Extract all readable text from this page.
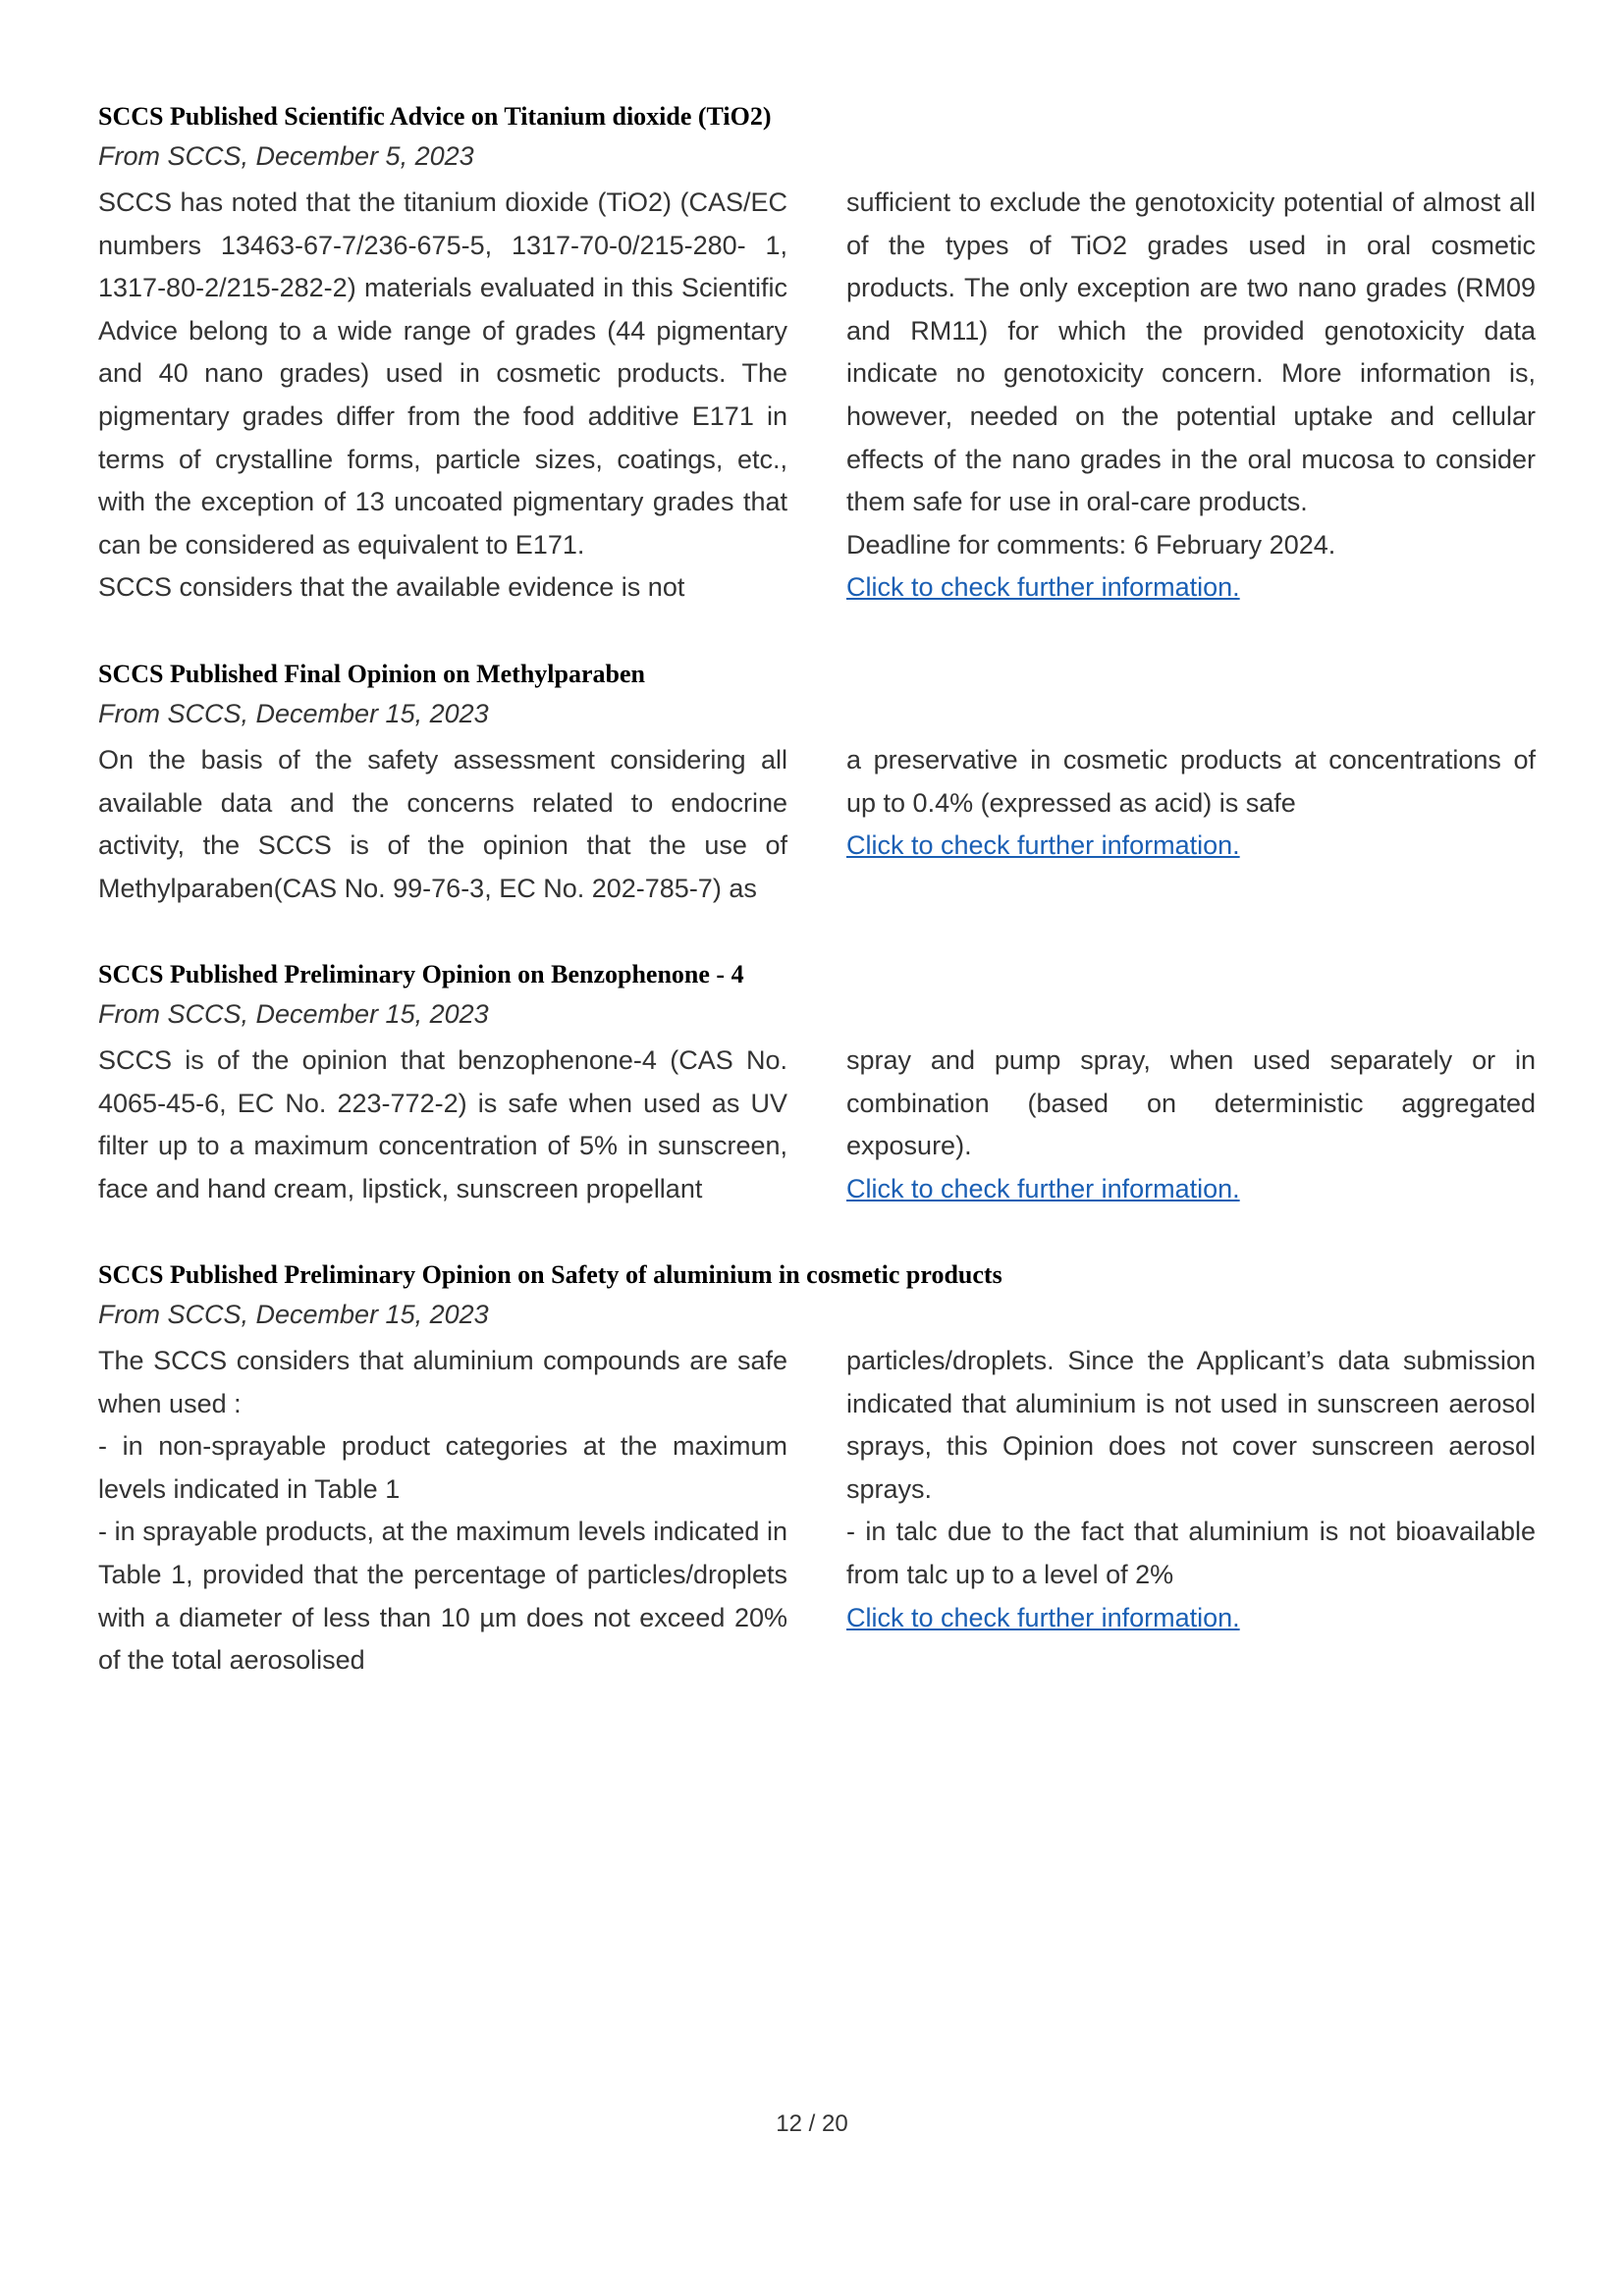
SCCS Published Scientific Advice on Titanium dioxide (TiO2)
From SCCS, December 5, 2023

SCCS has noted that the titanium dioxide (TiO2) (CAS/EC numbers 13463-67-7/236-675-5, 1317-70-0/215-280- 1, 1317-80-2/215-282-2) materials evaluated in this Scientific Advice belong to a wide range of grades (44 pigmentary and 40 nano grades) used in cosmetic products. The pigmentary grades differ from the food additive E171 in terms of crystalline forms, particle sizes, coatings, etc., with the exception of 13 uncoated pigmentary grades that can be considered as equivalent to E171.

SCCS considers that the available evidence is not

sufficient to exclude the genotoxicity potential of almost all of the types of TiO2 grades used in oral cosmetic products. The only exception are two nano grades (RM09 and RM11) for which the provided genotoxicity data indicate no genotoxicity concern. More information is, however, needed on the potential uptake and cellular effects of the nano grades in the oral mucosa to consider them safe for use in oral-care products.

Deadline for comments: 6 February 2024.

Click to check further information.

SCCS Published Final Opinion on Methylparaben
From SCCS, December 15, 2023

On the basis of the safety assessment considering all available data and the concerns related to endocrine activity, the SCCS is of the opinion that the use of Methylparaben(CAS No. 99-76-3, EC No. 202-785-7) as

a preservative in cosmetic products at concentrations of up to 0.4% (expressed as acid) is safe

Click to check further information.

SCCS Published Preliminary Opinion on Benzophenone - 4
From SCCS, December 15, 2023

SCCS is of the opinion that benzophenone-4 (CAS No. 4065-45-6, EC No. 223-772-2) is safe when used as UV filter up to a maximum concentration of 5% in sunscreen, face and hand cream, lipstick, sunscreen propellant

spray and pump spray, when used separately or in combination (based on deterministic aggregated exposure).

Click to check further information.

SCCS Published Preliminary Opinion on Safety of aluminium in cosmetic products
From SCCS, December 15, 2023

The SCCS considers that aluminium compounds are safe when used :

- in non-sprayable product categories at the maximum levels indicated in Table 1

- in sprayable products, at the maximum levels indicated in Table 1, provided that the percentage of particles/droplets with a diameter of less than 10 µm does not exceed 20% of the total aerosolised

particles/droplets. Since the Applicant’s data submission indicated that aluminium is not used in sunscreen aerosol sprays, this Opinion does not cover sunscreen aerosol sprays.

- in talc due to the fact that aluminium is not bioavailable from talc up to a level of 2%

Click to check further information.

12 / 20
